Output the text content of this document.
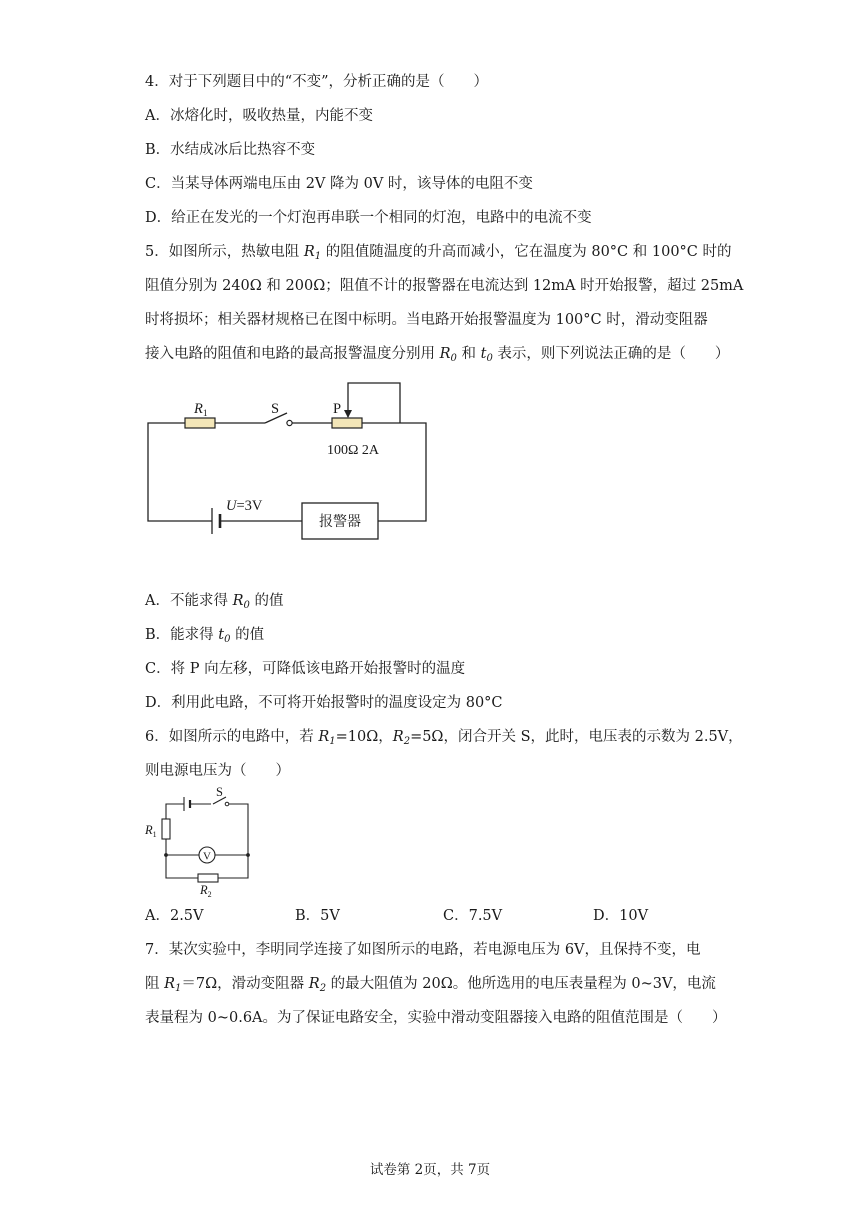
4．对于下列题目中的“不变”，分析正确的是（　　）
A．冰熔化时，吸收热量，内能不变
B．水结成冰后比热容不变
C．当某导体两端电压由 2V 降为 0V 时，该导体的电阻不变
D．给正在发光的一个灯泡再串联一个相同的灯泡，电路中的电流不变
5．如图所示，热敏电阻 $R_1$ 的阻值随温度的升高而减小，它在温度为 80°C 和 100°C 时的
阻值分别为 240Ω 和 200Ω；阻值不计的报警器在电流达到 12mA 时开始报警，超过 25mA
时将损坏；相关器材规格已在图中标明。当电路开始报警温度为 100°C 时，滑动变阻器
接入电路的阻值和电路的最高报警温度分别用 $R_0$ 和 $t_0$ 表示，则下列说法正确的是（　　）
$R_1$	S	P
100Ω 2A
U=3V
报警器
A．不能求得 $R_0$ 的值
B．能求得 $t_0$ 的值
C．将 P 向左移，可降低该电路开始报警时的温度
D．利用此电路，不可将开始报警时的温度设定为 80°C
6．如图所示的电路中，若 $R_1=10\Omega$，$R_2=5\Omega$，闭合开关 S，此时，电压表的示数为 2.5V，
则电源电压为（　　）
V
S
$R_1$
$R_2$
A．2.5V	B．5V	C．7.5V	D．10V
7．某次实验中，李明同学连接了如图所示的电路，若电源电压为 6V，且保持不变，电
阻 $R_1=7\Omega$，滑动变阻器 $R_2$ 的最大阻值为 20Ω。他所选用的电压表量程为 0~3V，电流
表量程为 0~0.6A。为了保证电路安全，实验中滑动变阻器接入电路的阻值范围是（　　）
试卷第 2页，共 7页
